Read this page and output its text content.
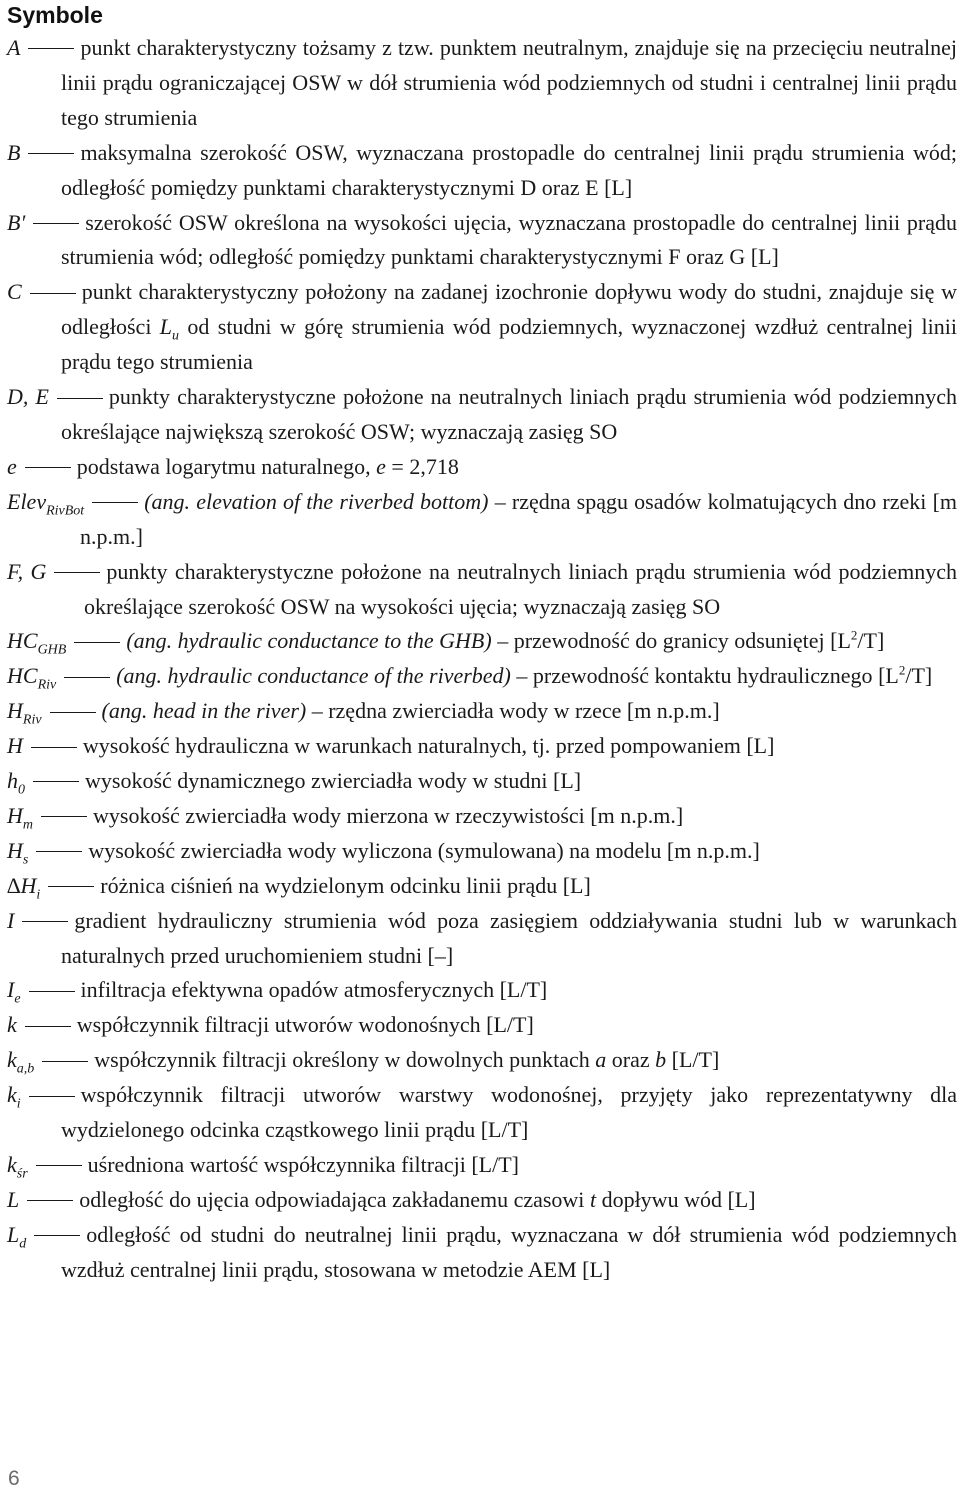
Symbole
A	punkt charakterystyczny tożsamy z tzw. punktem neutralnym, znajduje się na przecięciu neutralnej linii prądu ograniczającej OSW w dół strumienia wód podziemnych od studni i centralnej linii prądu tego strumienia
B	maksymalna szerokość OSW, wyznaczana prostopadle do centralnej linii prądu strumienia wód; odległość pomiędzy punktami charakterystycznymi D oraz E [L]
B′	szerokość OSW określona na wysokości ujęcia, wyznaczana prostopadle do centralnej linii prądu strumienia wód; odległość pomiędzy punktami charakterystycznymi F oraz G [L]
C	punkt charakterystyczny położony na zadanej izochronie dopływu wody do studni, znajduje się w odległości $L_u$ od studni w górę strumienia wód podziemnych, wyznaczonej wzdłuż centralnej linii prądu tego strumienia
D, E	punkty charakterystyczne położone na neutralnych liniach prądu strumienia wód podziemnych określające największą szerokość OSW; wyznaczają zasięg SO
e	podstawa logarytmu naturalnego, e = 2,718
Elev$_{RivBot}$	(ang. elevation of the riverbed bottom) – rzędna spągu osadów kolmatujących dno rzeki [m n.p.m.]
F, G	punkty charakterystyczne położone na neutralnych liniach prądu strumienia wód podziemnych określające szerokość OSW na wysokości ujęcia; wyznaczają zasięg SO
$HC_{GHB}$	(ang. hydraulic conductance to the GHB) – przewodność do granicy odsuniętej $[L^2/T]$
$HC_{Riv}$	(ang. hydraulic conductance of the riverbed) – przewodność kontaktu hydraulicznego $[L^2/T]$
$H_{Riv}$	(ang. head in the river) – rzędna zwierciadła wody w rzece [m n.p.m.]
H	wysokość hydrauliczna w warunkach naturalnych, tj. przed pompowaniem [L]
$h_0$	wysokość dynamicznego zwierciadła wody w studni [L]
$H_m$	wysokość zwierciadła wody mierzona w rzeczywistości [m n.p.m.]
$H_s$	wysokość zwierciadła wody wyliczona (symulowana) na modelu [m n.p.m.]
$\Delta H_i$	różnica ciśnień na wydzielonym odcinku linii prądu [L]
I	gradient hydrauliczny strumienia wód poza zasięgiem oddziaływania studni lub w warunkach naturalnych przed uruchomieniem studni [–]
$I_e$	infiltracja efektywna opadów atmosferycznych [L/T]
k	współczynnik filtracji utworów wodonośnych [L/T]
$k_{a,b}$	współczynnik filtracji określony w dowolnych punktach a oraz b [L/T]
$k_i$	współczynnik filtracji utworów warstwy wodonośnej, przyjęty jako reprezentatywny dla wydzielonego odcinka cząstkowego linii prądu [L/T]
$k_{śr}$	uśredniona wartość współczynnika filtracji [L/T]
L	odległość do ujęcia odpowiadająca zakładanemu czasowi t dopływu wód [L]
$L_d$	odległość od studni do neutralnej linii prądu, wyznaczana w dół strumienia wód podziemnych wzdłuż centralnej linii prądu, stosowana w metodzie AEM [L]
6
